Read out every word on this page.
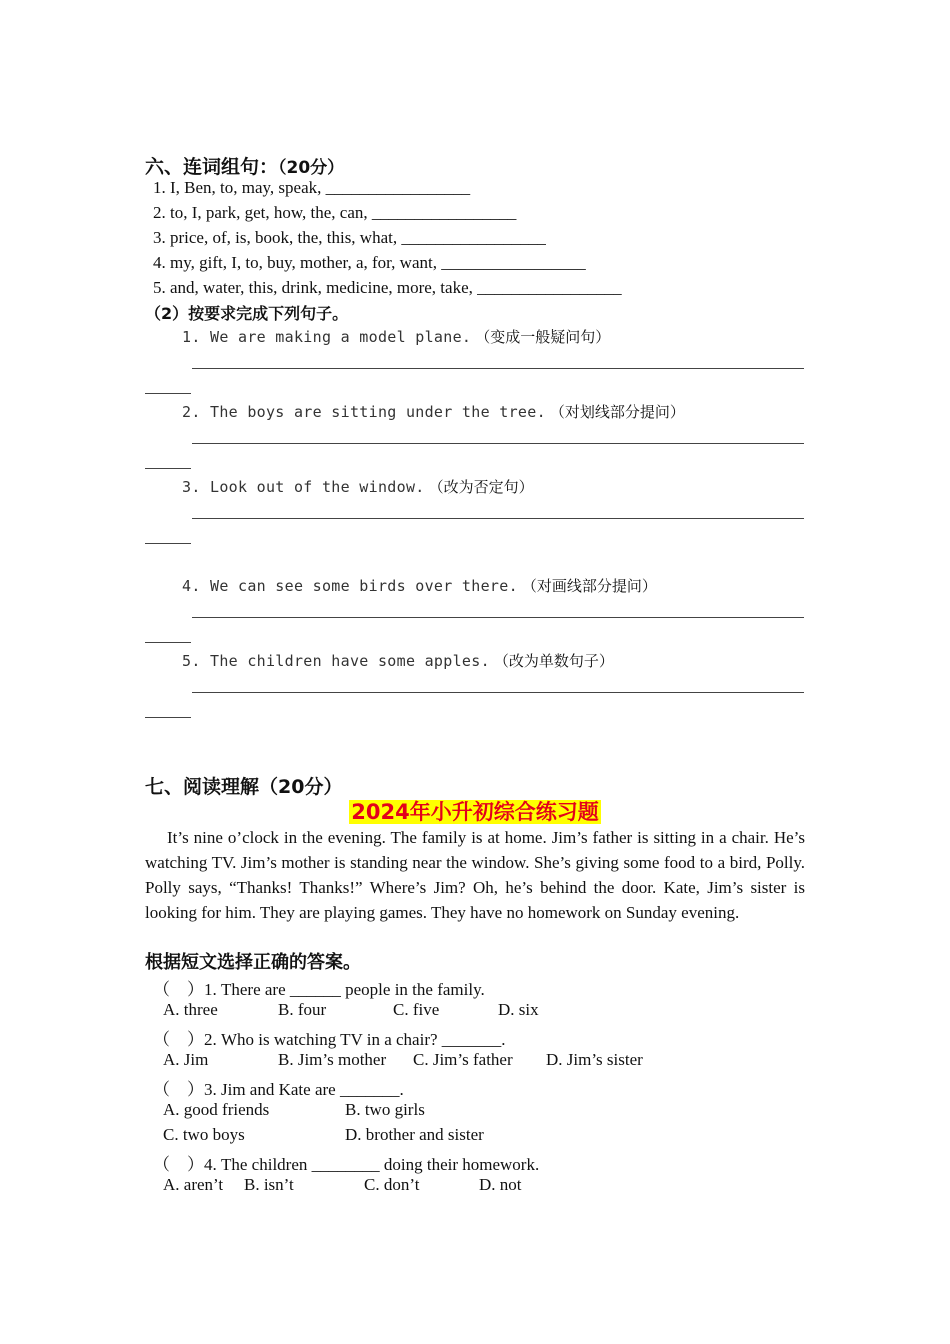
六、连词组句：（20分）
1. I, Ben, to, may, speak, _________________
2. to, I, park, get, how, the, can, _________________
3. price, of, is, book, the, this, what, _________________
4. my, gift, I, to, buy, mother, a, for, want, _________________
5. and, water, this, drink, medicine, more, take, _________________
（2）按要求完成下列句子。
1. We are making a model plane. （变成一般疑问句）
2. The boys are sitting under the tree. （对划线部分提问）
3. Look out of the window. （改为否定句）
4. We can see some birds over there. （对画线部分提问）
5. The children have some apples. （改为单数句子）
七、阅读理解（20分）
2024年小升初综合练习题
It’s nine o’clock in the evening. The family is at home. Jim’s father is sitting in a chair. He’s watching TV. Jim’s mother is standing near the window. She’s giving some food to a bird, Polly. Polly says, “Thanks! Thanks!” Where’s Jim? Oh, he’s behind the door. Kate, Jim’s sister is looking for him. They are playing games. They have no homework on Sunday evening.
根据短文选择正确的答案。
（　）1. There are ______ people in the family.
A. three	B. four	C. five	D. six
（　）2. Who is watching TV in a chair? _______.
A. Jim	B. Jim’s mother C. Jim’s father D. Jim’s sister
（　）3. Jim and Kate are _______.
A. good friends	B. two girls
C. two boys	D. brother and sister
（　）4. The children ________ doing their homework.
A. aren’t B. isn’t	C. don’t	D. not
